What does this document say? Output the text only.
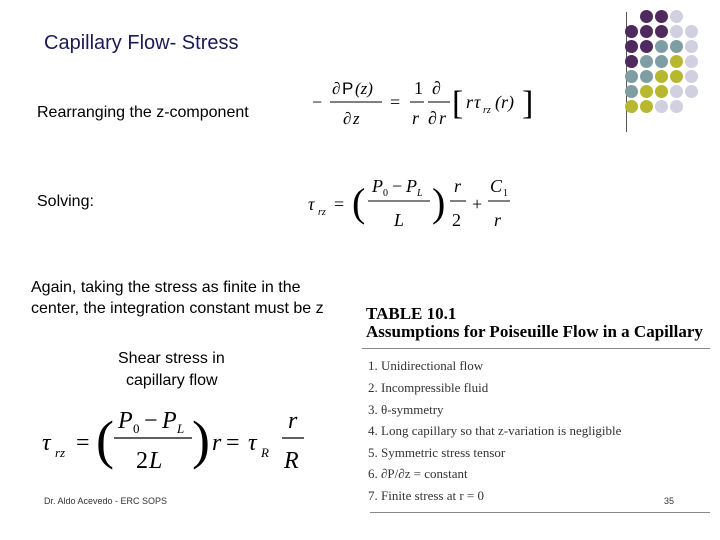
Capillary Flow- Stress
Rearranging the z-component
−
∂ P (z)
∂ z
=
1
r
∂
∂ r [ r τ rz (r) ]
Solving:	τ rz = ( P 0 − P L
L ) r
2
+
C 1
r
Again, taking the stress as finite in the
center, the integration constant must be z
Shear stress in
capillary flow
τ rz = ( P 0 − P L
2 L ) r = τ R
r
R
TABLE 10.1
Assumptions for Poiseuille Flow in a Capillary
1. Unidirectional flow
2. Incompressible fluid
3. θ-symmetry
4. Long capillary so that z-variation is negligible
5. Symmetric stress tensor
6. ∂P/∂z = constant
7. Finite stress at r = 0
Dr. Aldo Acevedo - ERC SOPS	35
